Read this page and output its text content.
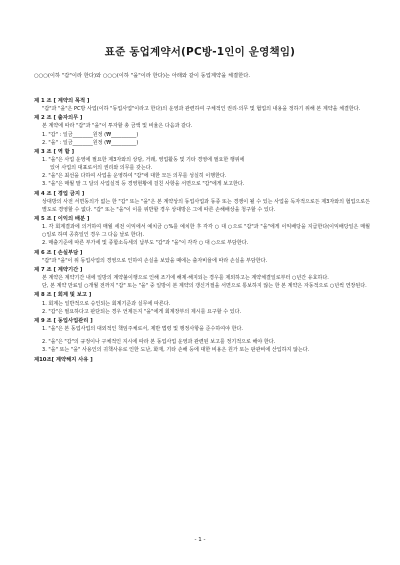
표준 동업계약서(PC방-1인이 운영책임)
○○○(이하 "갑"이라 한다)와 ○○○(이하 "을"이라 한다)는 아래와 같이 동업계약을 체결한다.
제 1 조 [ 계약의 목적 ]
"갑"과 "을"은 PC방 사업(이하 "동업사업"이라고 한다)의 운영과 관련하여 구체적인 권리·의무 및 협업의 내용을 정하기 위해 본 계약을 체결한다.
제 2 조 [ 출자의무 ]
본 계약에 따라 "갑"과 "을"이 투자할 총 금액 및 비율은 다음과 같다.
1. "갑" : 일금________원정 (₩__________)
2. "을" : 일금________원정 (₩__________)
제 3 조 [ 역 할 ]
1. "을"은 사업 운영에 필요한 제3자와의 상담, 거래, 영업활동 및 기타 경영에 필요한 행위에
있어 사업의 대표로서의 권리와 의무를 갖는다.
2. "을"은 최선을 다하여 사업을 운영하여 "갑"에 대한 모든 의무를 성실히 이행한다.
3. "을"은 매월 말 그 달의 사업실적 등 경영현황에 걸친 사항을 서면으로 "갑"에게 보고한다.
제 4 조 [ 경업 금지 ]
상대방의 사전 서면동의가 없는 한 "갑" 또는 "을"은 본 계약상의 동업사업과 동종 또는 경쟁이 될 수 있는 사업을 독자적으로든 제3자와의 협업으로든 별도로 경영할 수 없다. "갑" 또는 "을"이 이를 위반할 경우 상대방은 그에 따른 손해배상을 청구할 수 있다.
제 5 조 [ 이익의 배분 ]
1. 각 회계결과에 의거하여 매월 세전 이익에서 예치금 ○%를 예치한 후 각각 ○ 대 ○으로 "갑"과 "을"에게 이익배당을 지급한다(이익배당일은 매월 ○일로 하며 공휴일인 경우 그 다음 날로 한다).
2. 매출기준에 따른 부가세 및 종합소득세의 납부도 "갑"과 "을"이 각각 ○ 대 ○으로 부담한다.
제 6 조 [ 손실부담 ]
"갑"과 "을"이 위 동업사업의 경영으로 인하여 손실을 보았을 때에는 출자비율에 따라 손실을 부담한다.
제 7 조 [ 계약기간 ]
본 계약은 계약기간 내에 일방의 계약불이행으로 인해 조기에 해제·해지되는 경우를 제외하고는 계약체결일로부터 ○년간 유효하다.
단, 본 계약 만료일 ○개월 전까지 "갑" 또는 "을" 중 일방이 본 계약의 갱신거절을 서면으로 통보하지 않는 한 본 계약은 자동적으로 ○년씩 연장된다.
제 8 조 [ 회계 및 보고 ]
1. 회계는 일반적으로 승인되는 회계기준과 실무에 따른다.
2. "갑"은 필요하다고 판단되는 경우 언제든지 "을"에게 회계장부의 제시를 요구할 수 있다.
제 9 조 [ 동업사업관리 ]
1. "을"은 본 동업사업의 대외적인 책임주체로서, 제반 법령 및 행정사항을 준수하여야 한다.
2. "을"은 "갑"의 규정이나 구체적인 지시에 따라 본 동업사업 운영과 관련된 보고를 정기적으로 해야 한다.
3. "을" 또는 "을" 사용인의 귀책사유로 인한 도난, 화재, 기타 손해 등에 대한 비용은 원가 또는 판관비에 산입하지 않는다.
제10조[ 계약해지 사유 ]
- 1 -
